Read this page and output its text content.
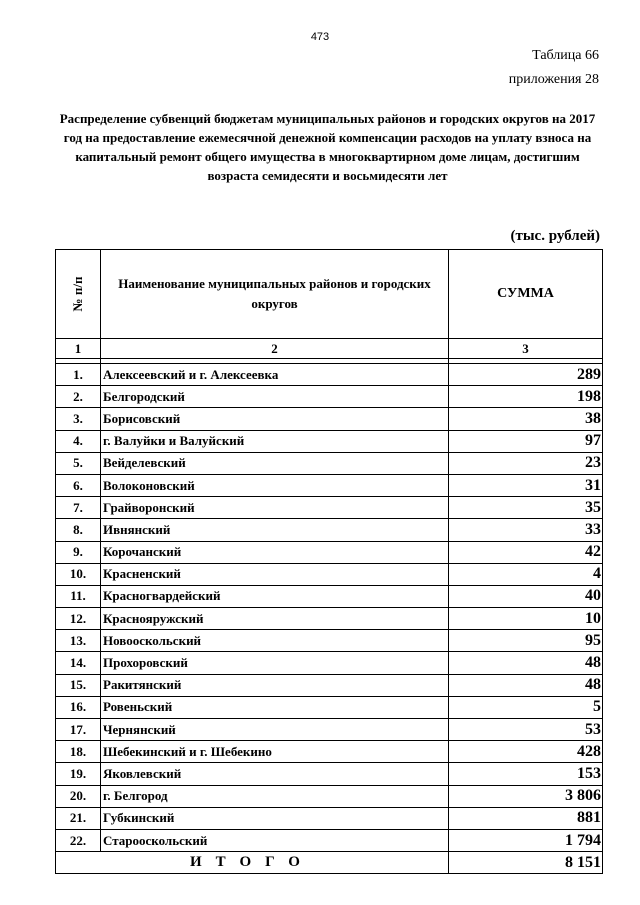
473
Таблица 66
приложения 28
Распределение субвенций бюджетам муниципальных районов и городских округов на 2017 год на предоставление ежемесячной денежной компенсации расходов на уплату взноса на капитальный ремонт общего имущества в многоквартирном доме лицам, достигшим возраста семидесяти и восьмидесяти лет
(тыс. рублей)
№ п/п	Наименование муниципальных районов и городских округов	СУММА
1	2	3

1.	Алексеевский и г. Алексеевка	289
2.	Белгородский	198
3.	Борисовский	38
4.	г. Валуйки и Валуйский	97
5.	Вейделевский	23
6.	Волоконовский	31
7.	Грайворонский	35
8.	Ивнянский	33
9.	Корочанский	42
10.	Красненский	4
11.	Красногвардейский	40
12.	Краснояружский	10
13.	Новооскольский	95
14.	Прохоровский	48
15.	Ракитянский	48
16.	Ровеньский	5
17.	Чернянский	53
18.	Шебекинский и г. Шебекино	428
19.	Яковлевский	153
20.	г. Белгород	3 806
21.	Губкинский	881
22.	Старооскольский	1 794
ИТОГО		8 151
